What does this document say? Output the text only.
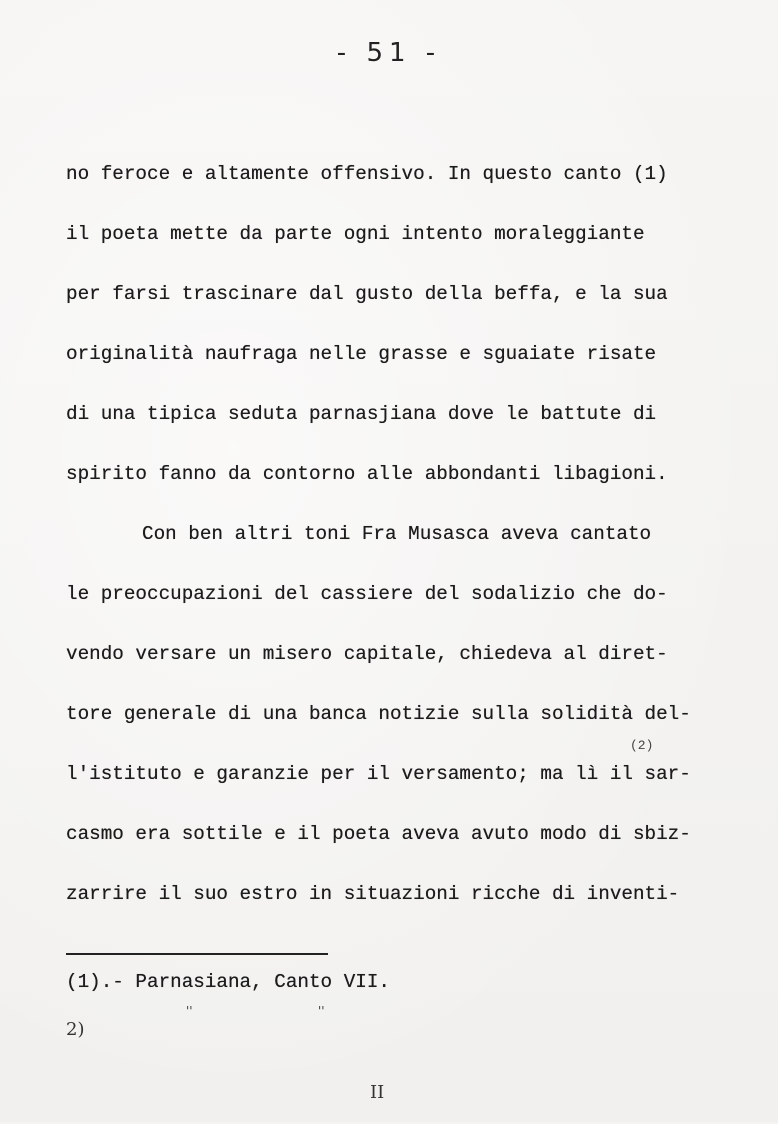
- 51 -
no feroce e altamente offensivo. In questo canto (1)
il poeta mette da parte ogni intento moraleggiante
per farsi trascinare dal gusto della beffa, e la sua
originalità naufraga nelle grasse e sguaiate risate
di una tipica seduta parnasjiana dove le battute di
spirito fanno da contorno alle abbondanti libagioni.
Con ben altri toni Fra Musasca aveva cantato
le preoccupazioni del cassiere del sodalizio che do-
vendo versare un misero capitale, chiedeva al diret-
tore generale di una banca notizie sulla solidità del-
l'istituto e garanzie per il versamento; ma lì il sar-
casmo era sottile e il poeta aveva avuto modo di sbiz-
zarrire il suo estro in situazioni ricche di inventi-
(2)
(1).- Parnasiana, Canto VII.

2)

''

	''

II
